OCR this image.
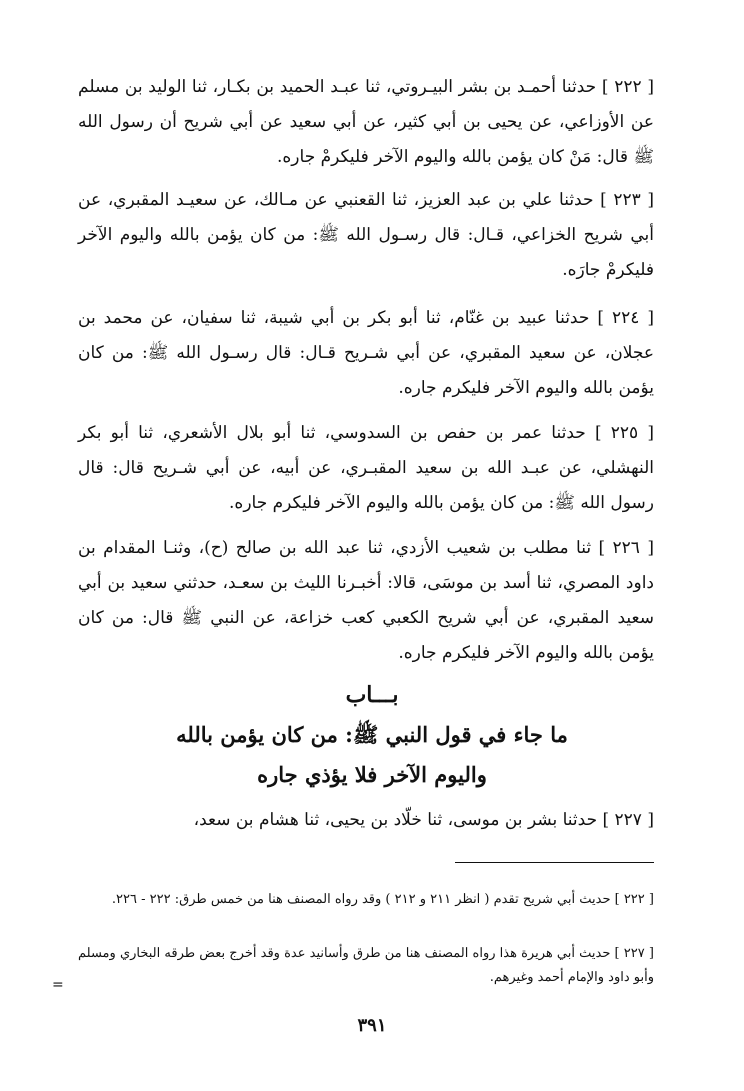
[ ٢٢٢ ] حدثنا أحمـد بن بشر البيـروتي، ثنا عبـد الحميد بن بكـار، ثنا الوليد بن مسلم عن الأوزاعي، عن يحيى بن أبي كثير، عن أبي سعيد عن أبي شريح أن رسول الله ﷺ قال: مَنْ كان يؤمن بالله واليوم الآخر فليكرمْ جاره.

[ ٢٢٣ ] حدثنا علي بن عبد العزيز، ثنا القعنبي عن مـالك، عن سعيـد المقبري، عن أبي شريح الخزاعي، قـال: قال رسـول الله ﷺ: من كان يؤمن بالله واليوم الآخر فليكرمْ جارَه.

[ ٢٢٤ ] حدثنا عبيد بن غنّام، ثنا أبو بكر بن أبي شيبة، ثنا سفيان، عن محمد بن عجلان، عن سعيد المقبري، عن أبي شـريح قـال: قال رسـول الله ﷺ: من كان يؤمن بالله واليوم الآخر فليكرم جاره.

[ ٢٢٥ ] حدثنا عمر بن حفص بن السدوسي، ثنا أبو بلال الأشعري، ثنا أبو بكر النهشلي، عن عبـد الله بن سعيد المقبـري، عن أبيه، عن أبي شـريح قال: قال رسول الله ﷺ: من كان يؤمن بالله واليوم الآخر فليكرم جاره.

[ ٢٢٦ ] ثنا مطلب بن شعيب الأزدي، ثنا عبد الله بن صالح (ح)، وثنـا المقدام بن داود المصري، ثنا أسد بن موسَى، قالا: أخبـرنا الليث بن سعـد، حدثني سعيد بن أبي سعيد المقبري، عن أبي شريح الكعبي كعب خزاعة، عن النبي ﷺ قال: من كان يؤمن بالله واليوم الآخر فليكرم جاره.

بـــاب
ما جاء في قول النبي ﷺ: من كان يؤمن بالله
واليوم الآخر فلا يؤذي جاره

[ ٢٢٧ ] حدثنا بشر بن موسى، ثنا خلّاد بن يحيى، ثنا هشام بن سعد،

[ ٢٢٢ ] حديث أبي شريح تقدم ( انظر ٢١١ و ٢١٢ ) وقد رواه المصنف هنا من خمس طرق: ٢٢٢ - ٢٢٦.

[ ٢٢٧ ] حديث أبي هريرة هذا رواه المصنف هنا من طرق وأسانيد عدة وقد أخرج بعض طرقه البخاري ومسلم وأبو داود والإمام أحمد وغيرهم.

=
٣٩١
